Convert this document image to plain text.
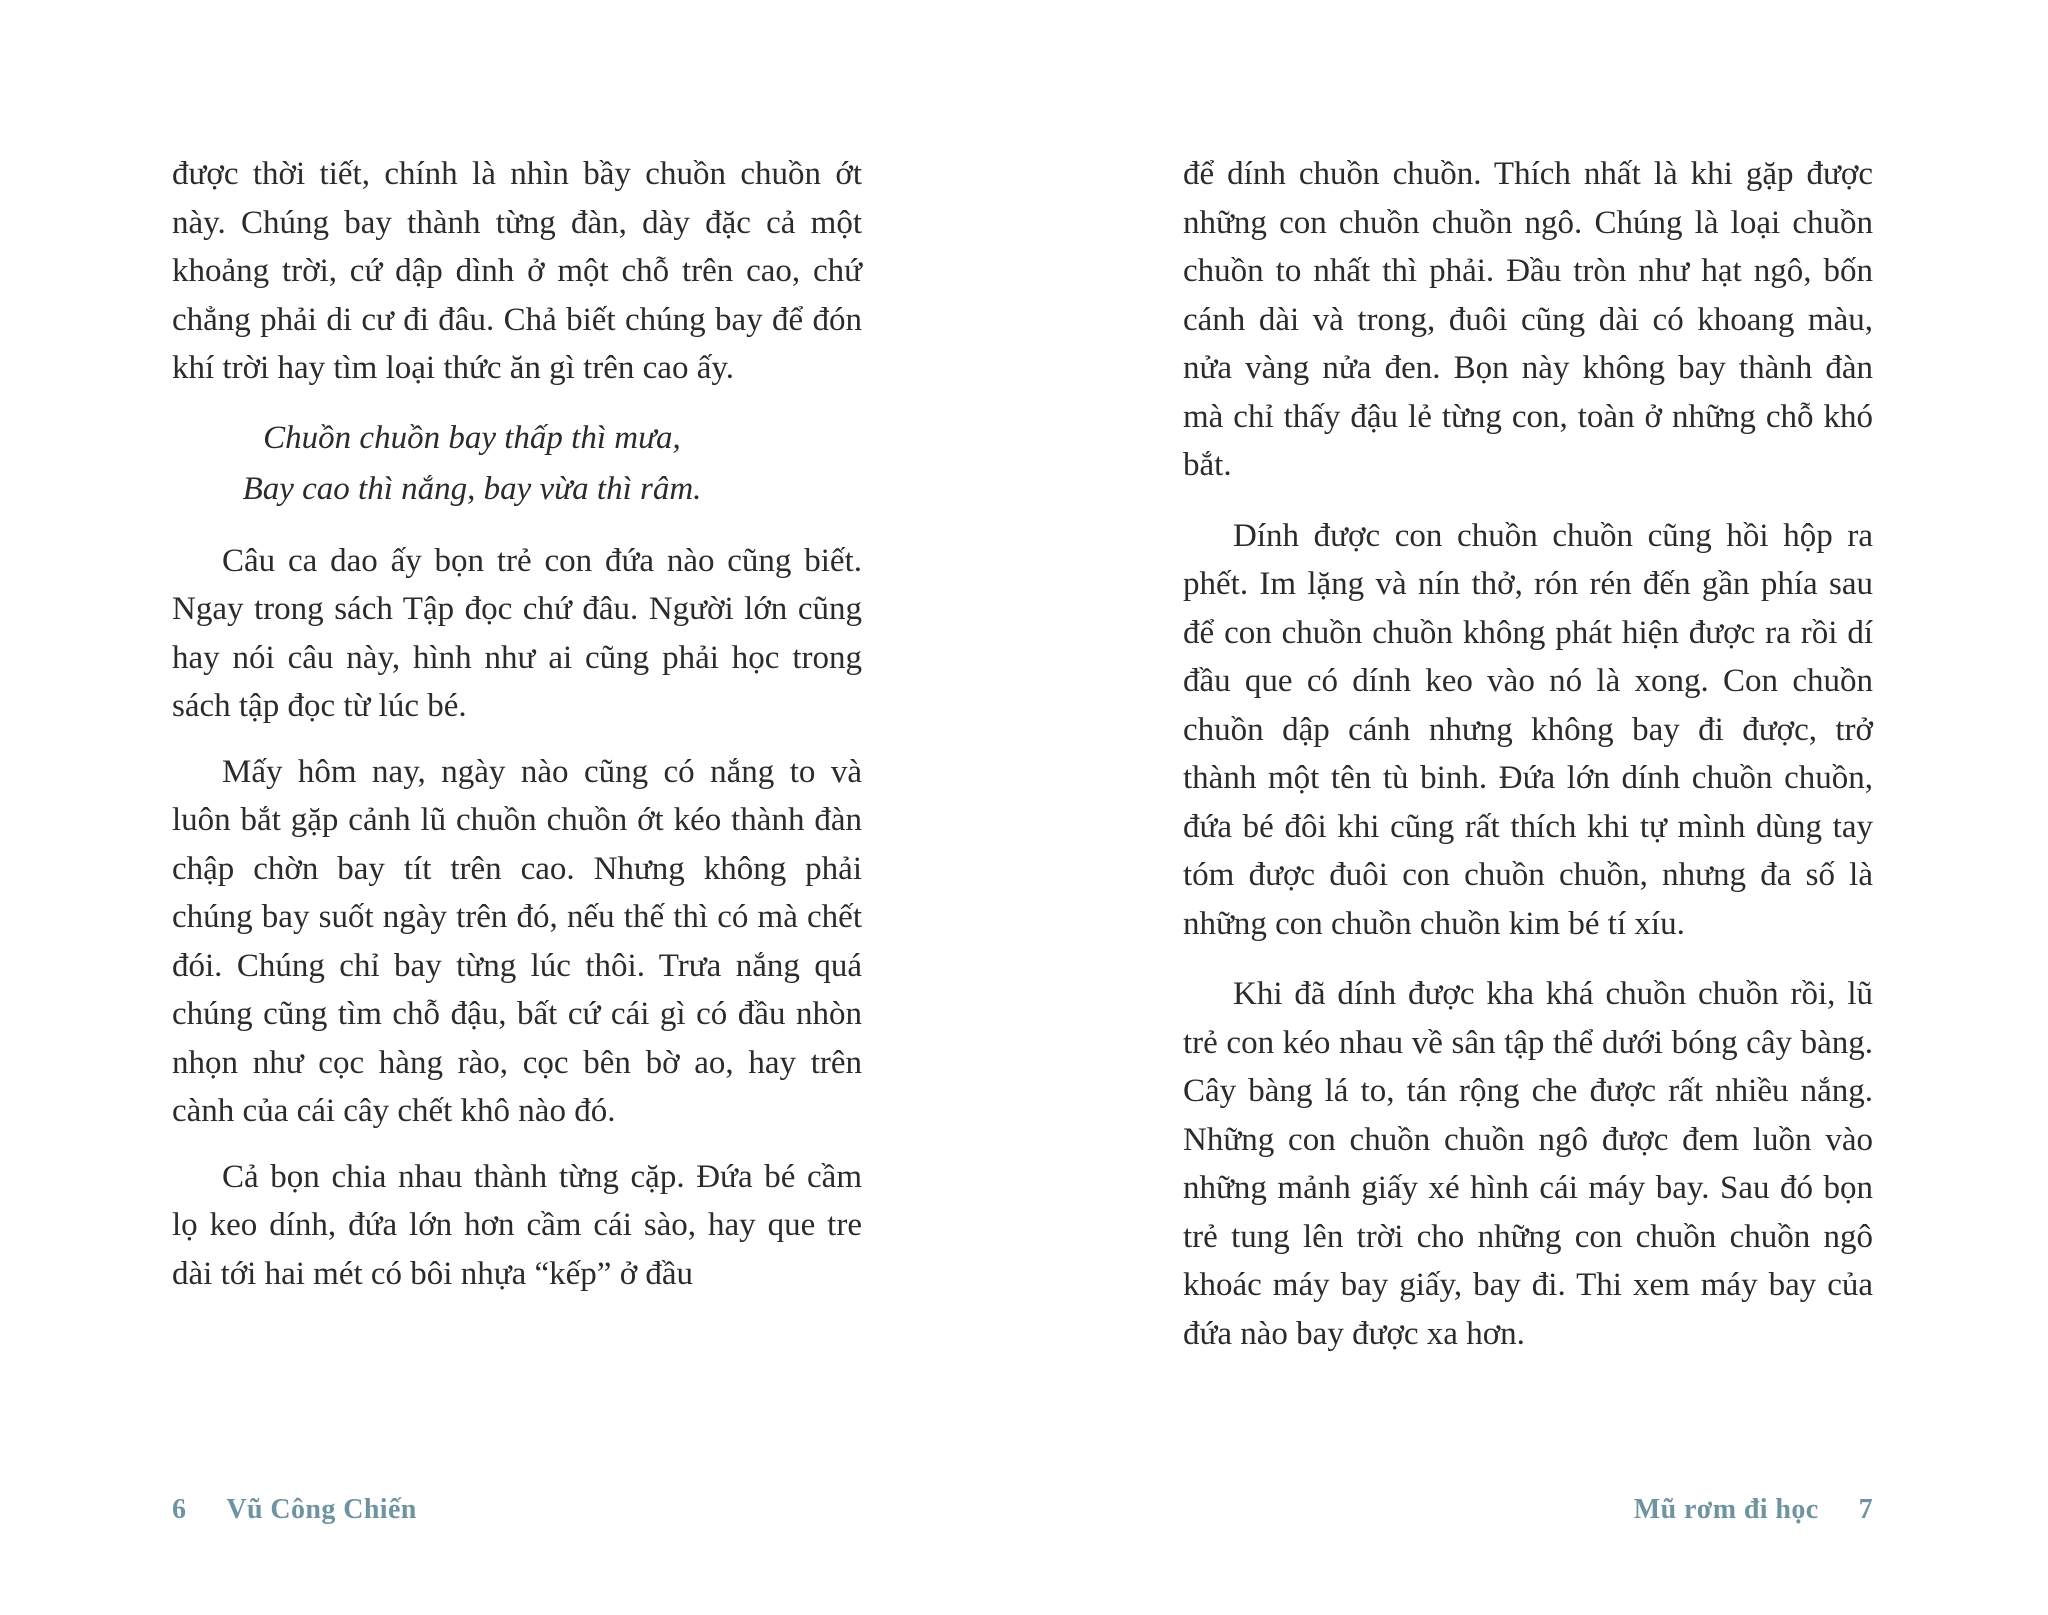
được thời tiết, chính là nhìn bầy chuồn chuồn ớt này. Chúng bay thành từng đàn, dày đặc cả một khoảng trời, cứ dập dình ở một chỗ trên cao, chứ chẳng phải di cư đi đâu. Chả biết chúng bay để đón khí trời hay tìm loại thức ăn gì trên cao ấy.

Chuồn chuồn bay thấp thì mưa,

Bay cao thì nắng, bay vừa thì râm.

Câu ca dao ấy bọn trẻ con đứa nào cũng biết. Ngay trong sách Tập đọc chứ đâu. Người lớn cũng hay nói câu này, hình như ai cũng phải học trong sách tập đọc từ lúc bé.

Mấy hôm nay, ngày nào cũng có nắng to và luôn bắt gặp cảnh lũ chuồn chuồn ớt kéo thành đàn chập chờn bay tít trên cao. Nhưng không phải chúng bay suốt ngày trên đó, nếu thế thì có mà chết đói. Chúng chỉ bay từng lúc thôi. Trưa nắng quá chúng cũng tìm chỗ đậu, bất cứ cái gì có đầu nhòn nhọn như cọc hàng rào, cọc bên bờ ao, hay trên cành của cái cây chết khô nào đó.

Cả bọn chia nhau thành từng cặp. Đứa bé cầm lọ keo dính, đứa lớn hơn cầm cái sào, hay que tre dài tới hai mét có bôi nhựa “kếp” ở đầu

để dính chuồn chuồn. Thích nhất là khi gặp được những con chuồn chuồn ngô. Chúng là loại chuồn chuồn to nhất thì phải. Đầu tròn như hạt ngô, bốn cánh dài và trong, đuôi cũng dài có khoang màu, nửa vàng nửa đen. Bọn này không bay thành đàn mà chỉ thấy đậu lẻ từng con, toàn ở những chỗ khó bắt.

Dính được con chuồn chuồn cũng hồi hộp ra phết. Im lặng và nín thở, rón rén đến gần phía sau để con chuồn chuồn không phát hiện được ra rồi dí đầu que có dính keo vào nó là xong. Con chuồn chuồn dập cánh nhưng không bay đi được, trở thành một tên tù binh. Đứa lớn dính chuồn chuồn, đứa bé đôi khi cũng rất thích khi tự mình dùng tay tóm được đuôi con chuồn chuồn, nhưng đa số là những con chuồn chuồn kim bé tí xíu.

Khi đã dính được kha khá chuồn chuồn rồi, lũ trẻ con kéo nhau về sân tập thể dưới bóng cây bàng. Cây bàng lá to, tán rộng che được rất nhiều nắng. Những con chuồn chuồn ngô được đem luồn vào những mảnh giấy xé hình cái máy bay. Sau đó bọn trẻ tung lên trời cho những con chuồn chuồn ngô khoác máy bay giấy, bay đi. Thi xem máy bay của đứa nào bay được xa hơn.

6 Vũ Công Chiến	Mũ rơm đi học 7
